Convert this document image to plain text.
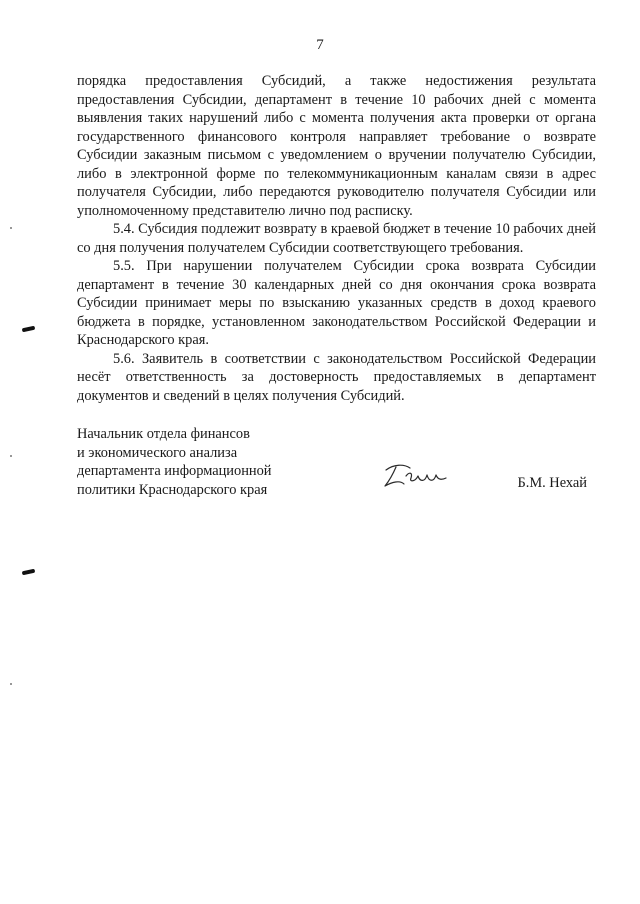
7

порядка предоставления Субсидий, а также недостижения результата предоставления Субсидии, департамент в течение 10 рабочих дней с момента выявления таких нарушений либо с момента получения акта проверки от органа государственного финансового контроля направляет требование о возврате Субсидии заказным письмом с уведомлением о вручении получателю Субсидии, либо в электронной форме по телекоммуникационным каналам связи в адрес получателя Субсидии, либо передаются руководителю получателя Субсидии или уполномоченному представителю лично под расписку.

5.4. Субсидия подлежит возврату в краевой бюджет в течение 10 рабочих дней со дня получения получателем Субсидии соответствующего требования.

5.5. При нарушении получателем Субсидии срока возврата Субсидии департамент в течение 30 календарных дней со дня окончания срока возврата Субсидии принимает меры по взысканию указанных средств в доход краевого бюджета в порядке, установленном законодательством Российской Федерации и Краснодарского края.

5.6. Заявитель в соответствии с законодательством Российской Федерации несёт ответственность за достоверность предоставляемых в департамент документов и сведений в целях получения Субсидий.

Начальник отдела финансов
и экономического анализа
департамента информационной
политики Краснодарского края	Б.М. Нехай
